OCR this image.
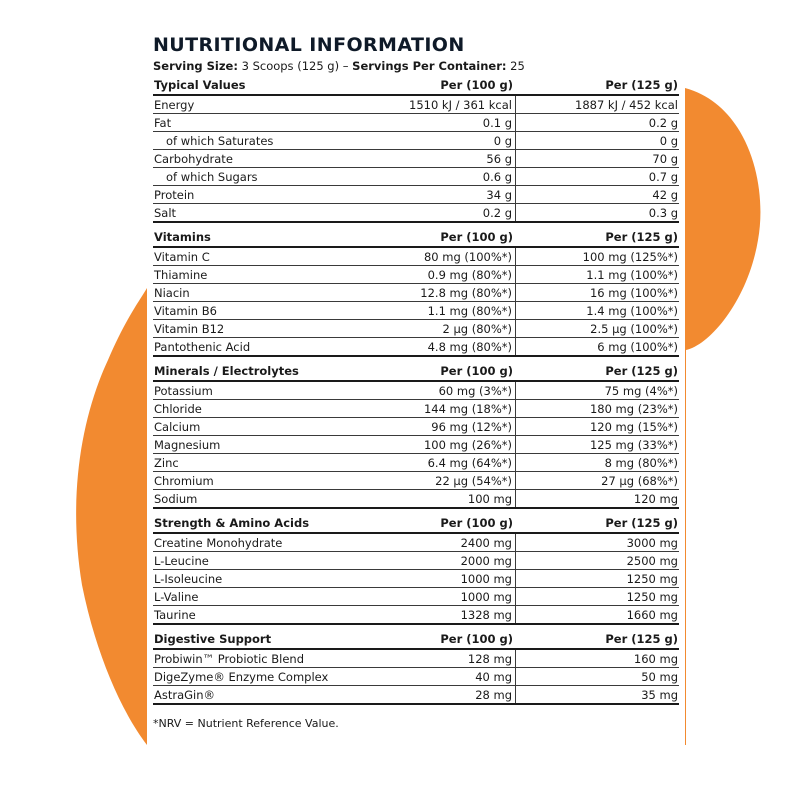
NUTRITIONAL INFORMATION
Serving Size: 3 Scoops (125 g) – Servings Per Container: 25
Typical Values	Per (100 g)	Per (125 g)
Energy	1510 kJ / 361 kcal	1887 kJ / 452 kcal
Fat	0.1 g	0.2 g
of which Saturates	0 g	0 g
Carbohydrate	56 g	70 g
of which Sugars	0.6 g	0.7 g
Protein	34 g	42 g
Salt	0.2 g	0.3 g
Vitamins	Per (100 g)	Per (125 g)
Vitamin C	80 mg (100%*)	100 mg (125%*)
Thiamine	0.9 mg (80%*)	1.1 mg (100%*)
Niacin	12.8 mg (80%*)	16 mg (100%*)
Vitamin B6	1.1 mg (80%*)	1.4 mg (100%*)
Vitamin B12	2 μg (80%*)	2.5 μg (100%*)
Pantothenic Acid	4.8 mg (80%*)	6 mg (100%*)
Minerals / Electrolytes	Per (100 g)	Per (125 g)
Potassium	60 mg (3%*)	75 mg (4%*)
Chloride	144 mg (18%*)	180 mg (23%*)
Calcium	96 mg (12%*)	120 mg (15%*)
Magnesium	100 mg (26%*)	125 mg (33%*)
Zinc	6.4 mg (64%*)	8 mg (80%*)
Chromium	22 μg (54%*)	27 μg (68%*)
Sodium	100 mg	120 mg
Strength & Amino Acids	Per (100 g)	Per (125 g)
Creatine Monohydrate	2400 mg	3000 mg
L-Leucine	2000 mg	2500 mg
L-Isoleucine	1000 mg	1250 mg
L-Valine	1000 mg	1250 mg
Taurine	1328 mg	1660 mg
Digestive Support	Per (100 g)	Per (125 g)
Probiwin™ Probiotic Blend	128 mg	160 mg
DigeZyme® Enzyme Complex	40 mg	50 mg
AstraGin®	28 mg	35 mg
*NRV = Nutrient Reference Value.
